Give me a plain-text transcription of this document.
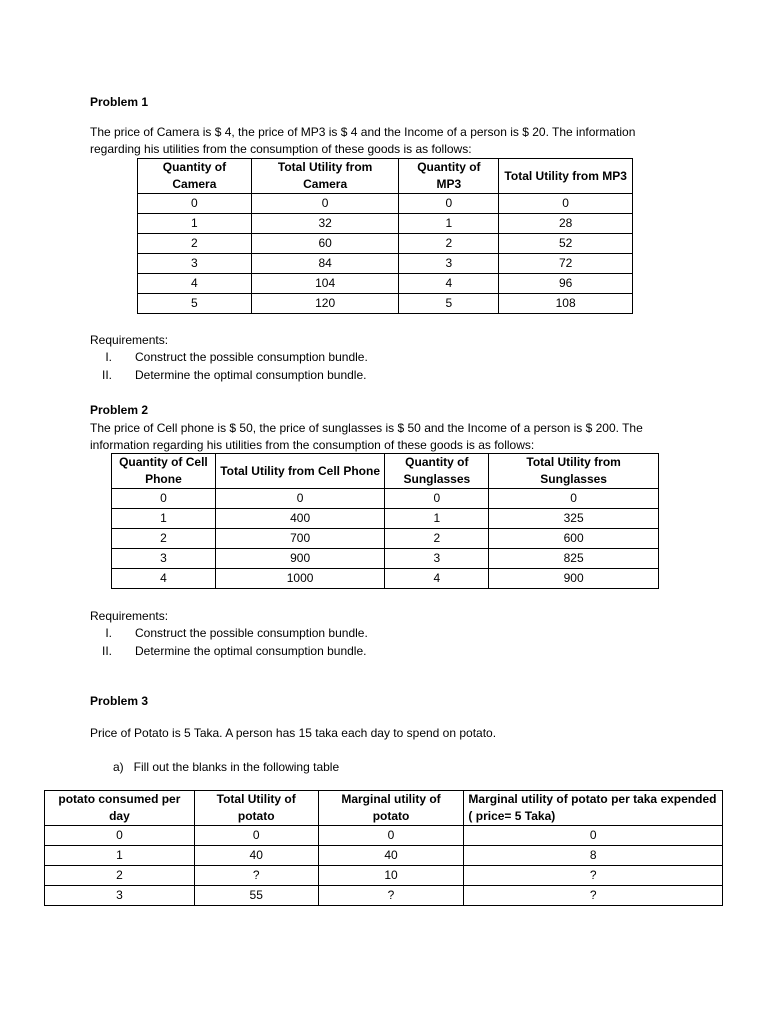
Problem 1
The price of Camera is $ 4, the price of MP3 is $ 4 and the Income of a person is $ 20. The information regarding his utilities from the consumption of these goods is as follows:
Quantity of Camera	Total Utility from Camera	Quantity of MP3	Total Utility from MP3
0	0	0	0
1	32	1	28
2	60	2	52
3	84	3	72
4	104	4	96
5	120	5	108
Requirements:
I. Construct the possible consumption bundle.
II. Determine the optimal consumption bundle.
Problem 2
The price of Cell phone is $ 50, the price of sunglasses is $ 50 and the Income of a person is $ 200. The information regarding his utilities from the consumption of these goods is as follows:
Quantity of Cell Phone	Total Utility from Cell Phone	Quantity of Sunglasses	Total Utility from Sunglasses
0	0	0	0
1	400	1	325
2	700	2	600
3	900	3	825
4	1000	4	900
Requirements:
I. Construct the possible consumption bundle.
II. Determine the optimal consumption bundle.
Problem 3
Price of Potato is 5 Taka. A person has 15 taka each day to spend on potato.
a)   Fill out the blanks in the following table
potato consumed per day	Total Utility of potato	Marginal utility of potato	Marginal utility of potato per taka expended ( price= 5 Taka)
0	0	0	0
1	40	40	8
2	?	10	?
3	55	?	?
